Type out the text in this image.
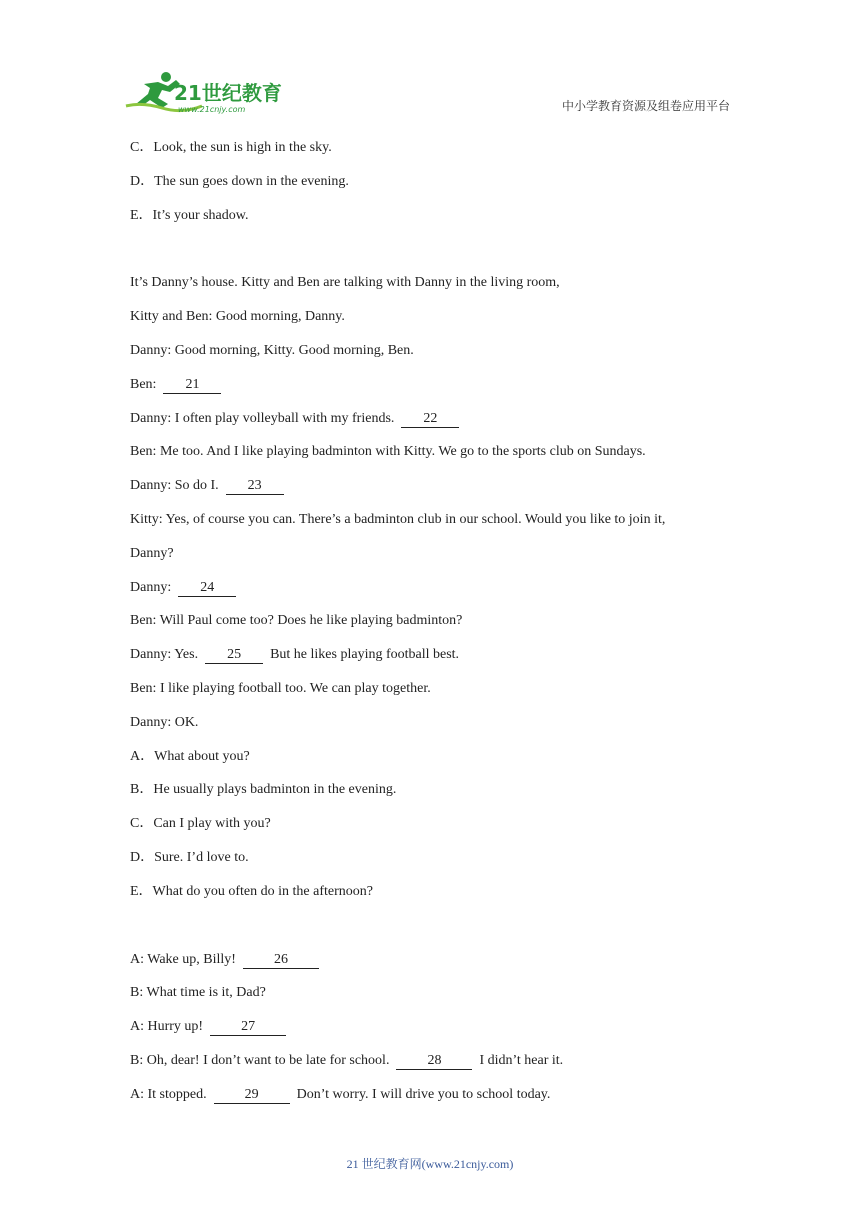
21世纪教育
www.21cnjy.com	中小学教育资源及组卷应用平台
C．Look, the sun is high in the sky.
D．The sun goes down in the evening.
E．It’s your shadow.
It’s Danny’s house. Kitty and Ben are talking with Danny in the living room,
Kitty and Ben: Good morning, Danny.
Danny: Good morning, Kitty. Good morning, Ben.
Ben:  21
Danny: I often play volleyball with my friends.  22
Ben: Me too. And I like playing badminton with Kitty. We go to the sports club on Sundays.
Danny: So do I.  23
Kitty: Yes, of course you can. There’s a badminton club in our school. Would you like to join it,
Danny?
Danny:  24
Ben: Will Paul come too? Does he like playing badminton?
Danny: Yes.  25  But he likes playing football best.
Ben: I like playing football too. We can play together.
Danny: OK.
A．What about you?
B．He usually plays badminton in the evening.
C．Can I play with you?
D．Sure. I’d love to.
E．What do you often do in the afternoon?
A: Wake up, Billy!  26
B: What time is it, Dad?
A: Hurry up!  27
B: Oh, dear! I don’t want to be late for school.  28  I didn’t hear it.
A: It stopped.  29  Don’t worry. I will drive you to school today.
21 世纪教育网(www.21cnjy.com)
